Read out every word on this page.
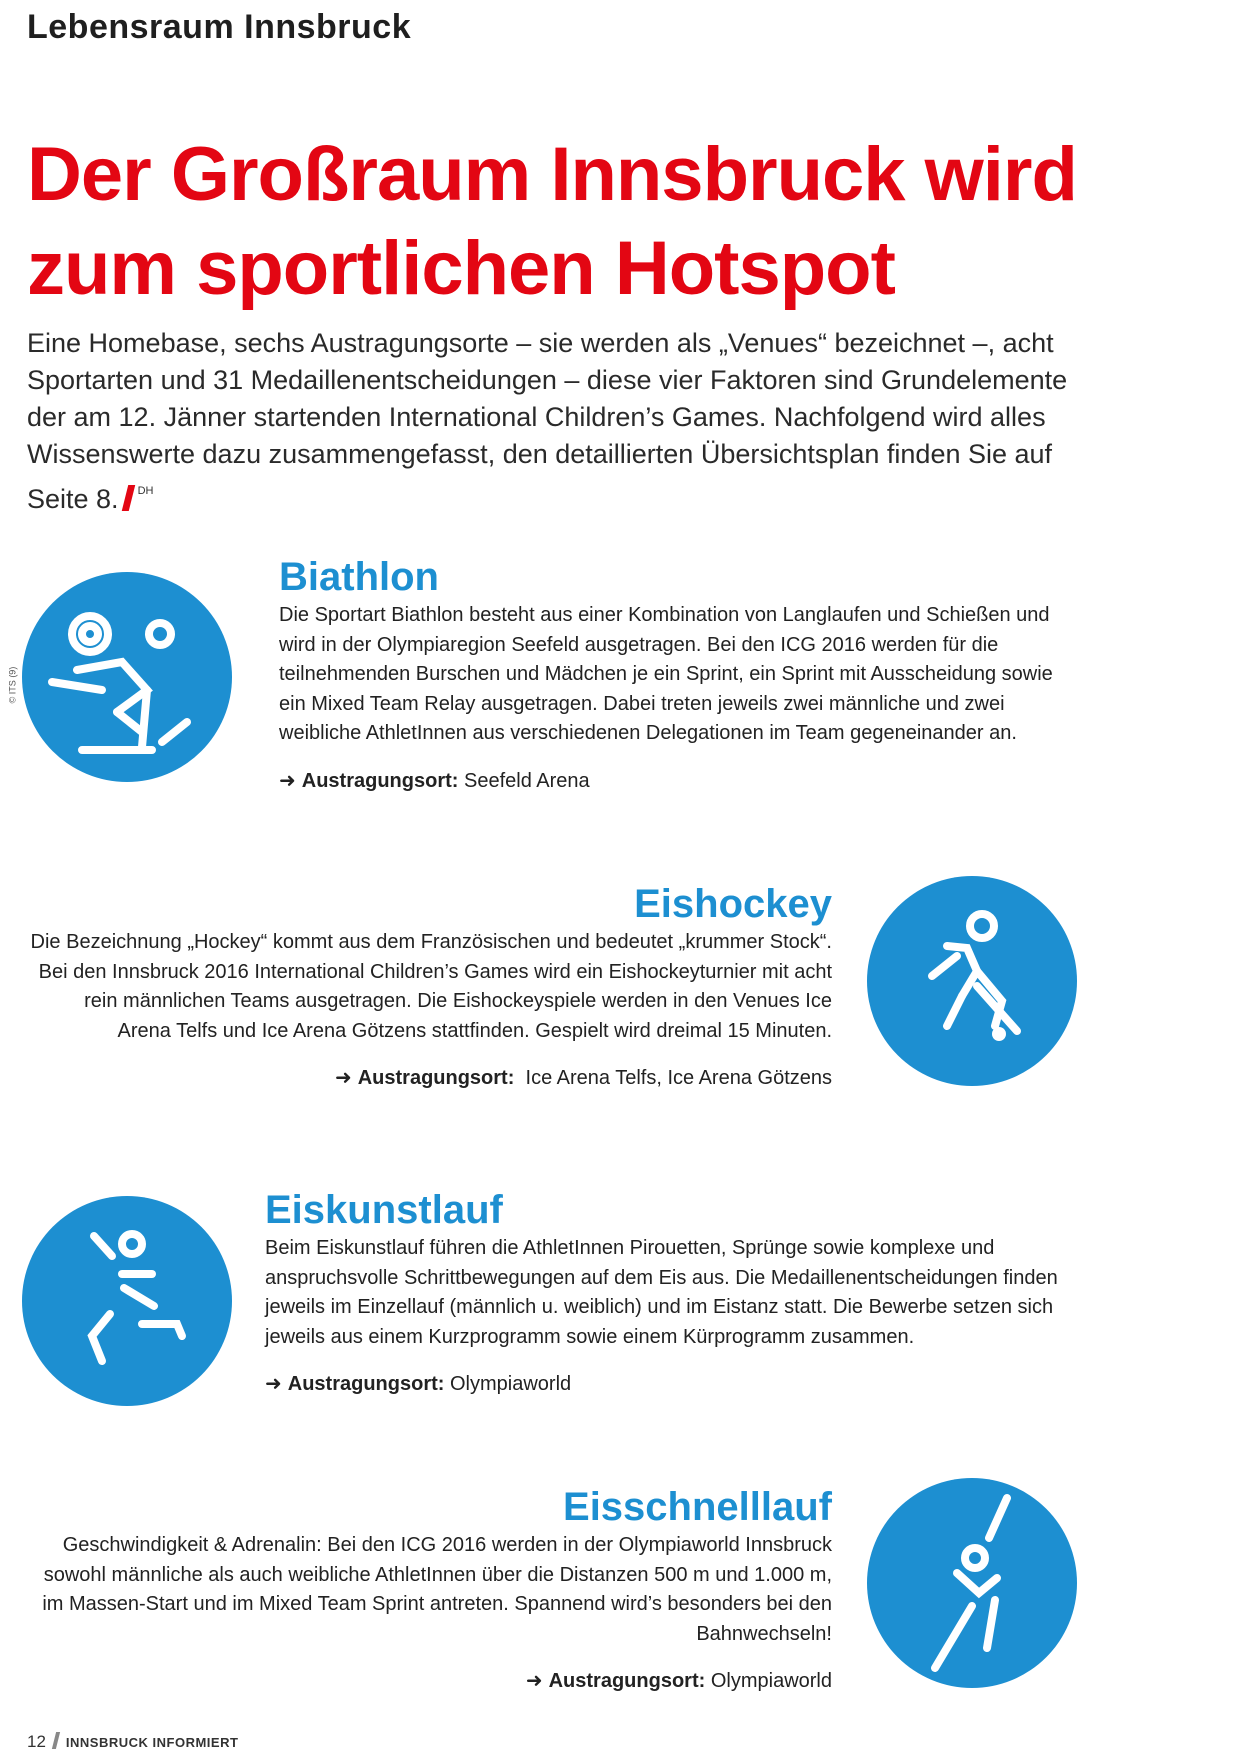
Lebensraum Innsbruck
Der Großraum Innsbruck wird
zum sportlichen Hotspot
Eine Homebase, sechs Austragungsorte – sie werden als „Venues“ bezeichnet –, acht Sportarten und 31 Medaillenentscheidungen – diese vier Faktoren sind Grundelemente der am 12. Jänner startenden International Children’s Games. Nachfolgend wird alles Wissenswerte dazu zusammengefasst, den detaillierten Übersichtsplan finden Sie auf Seite 8. $^{DH}$
© ITS (9)
Biathlon

Die Sportart Biathlon besteht aus einer Kombination von Langlaufen und Schießen und wird in der Olympiaregion Seefeld ausgetragen. Bei den ICG 2016 werden für die teilnehmenden Burschen und Mädchen je ein Sprint, ein Sprint mit Ausscheidung sowie ein Mixed Team Relay ausgetragen. Dabei treten jeweils zwei männliche und zwei weibliche AthletInnen aus verschiedenen Delegationen im Team gegeneinander an.

➜ Austragungsort: Seefeld Arena
Eishockey

Die Bezeichnung „Hockey“ kommt aus dem Französischen und bedeutet „krummer Stock“. Bei den Innsbruck 2016 International Children’s Games wird ein Eishockeyturnier mit acht rein männlichen Teams ausgetragen. Die Eishockeyspiele werden in den Venues Ice Arena Telfs und Ice Arena Götzens stattfinden. Gespielt wird dreimal 15 Minuten.

➜ Austragungsort: Ice Arena Telfs, Ice Arena Götzens
Eiskunstlauf

Beim Eiskunstlauf führen die AthletInnen Pirouetten, Sprünge sowie komplexe und anspruchsvolle Schrittbewegungen auf dem Eis aus. Die Medaillenentscheidungen finden jeweils im Einzellauf (männlich u. weiblich) und im Eistanz statt. Die Bewerbe setzen sich jeweils aus einem Kurzprogramm sowie einem Kürprogramm zusammen.

➜ Austragungsort: Olympiaworld
Eisschnelllauf

Geschwindigkeit & Adrenalin: Bei den ICG 2016 werden in der Olympiaworld Innsbruck sowohl männliche als auch weibliche AthletInnen über die Distanzen 500 m und 1.000 m, im Massen-Start und im Mixed Team Sprint antreten. Spannend wird’s besonders bei den Bahnwechseln!

➜ Austragungsort: Olympiaworld
12 INNSBRUCK INFORMIERT
